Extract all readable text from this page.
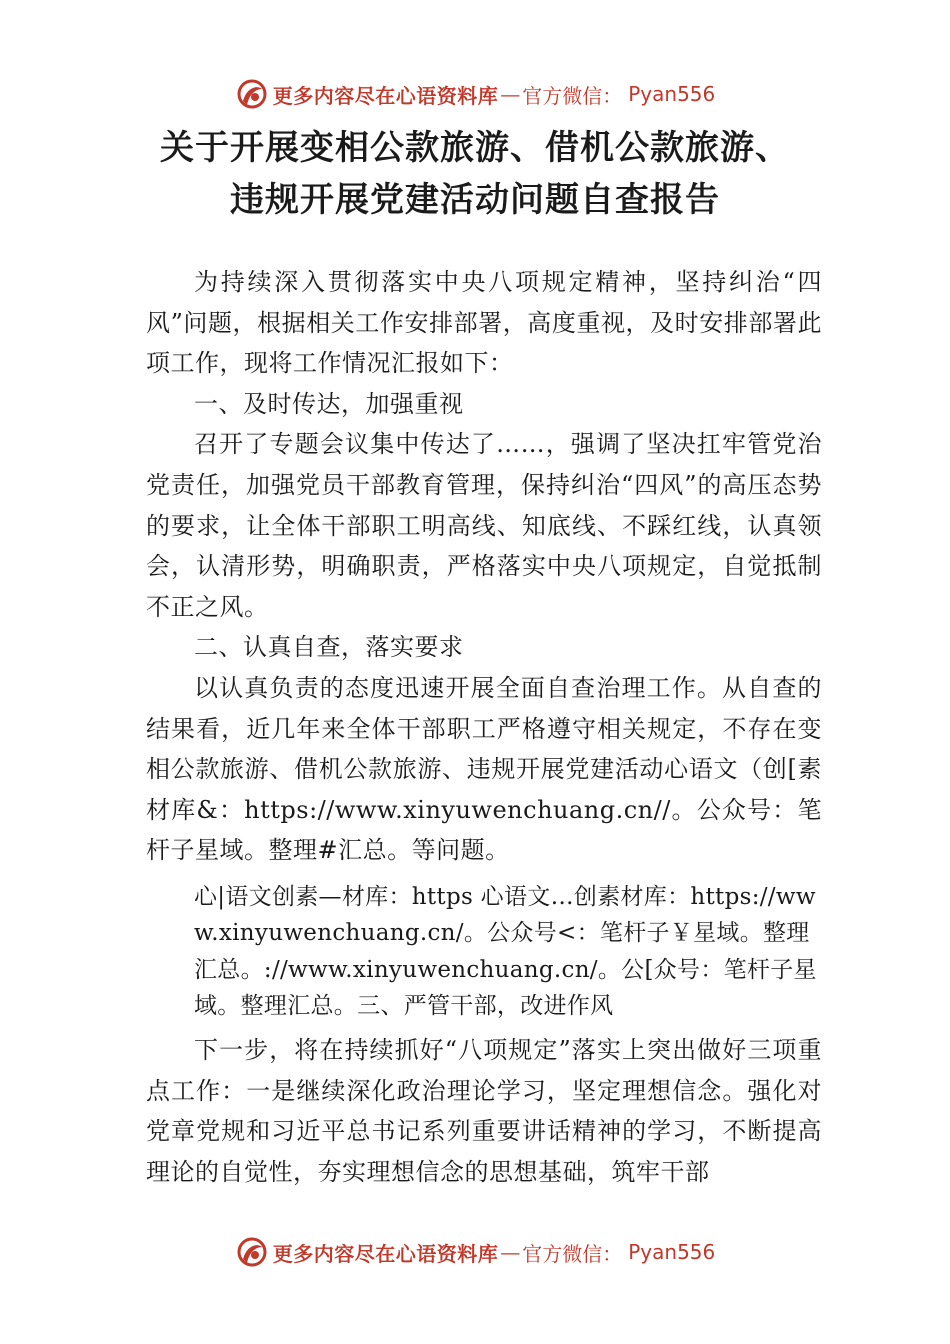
更多内容尽在心语资料库 — 官方微信： Pyan556
关于开展变相公款旅游、借机公款旅游、
违规开展党建活动问题自查报告

为持续深入贯彻落实中央八项规定精神，坚持纠治“四风”问题，根据相关工作安排部署，高度重视，及时安排部署此项工作，现将工作情况汇报如下：

一、及时传达，加强重视

召开了专题会议集中传达了……，强调了坚决扛牢管党治党责任，加强党员干部教育管理，保持纠治“四风”的高压态势的要求，让全体干部职工明高线、知底线、不踩红线，认真领会，认清形势，明确职责，严格落实中央八项规定，自觉抵制不正之风。

二、认真自查，落实要求

以认真负责的态度迅速开展全面自查治理工作。从自查的结果看，近几年来全体干部职工严格遵守相关规定，不存在变相公款旅游、借机公款旅游、违规开展党建活动心语文（创[素材库&：https://www.xinyuwenchuang.cn//。公众号：笔杆子星域。整理#汇总。等问题。

心|语文创素—材库：https 心语文…创素材库：https://www.xinyuwenchuang.cn/。公众号<：笔杆子￥星域。整理汇总。://www.xinyuwenchuang.cn/。公[众号：笔杆子星域。整理汇总。三、严管干部，改进作风

下一步，将在持续抓好“八项规定”落实上突出做好三项重点工作：一是继续深化政治理论学习，坚定理想信念。强化对党章党规和习近平总书记系列重要讲话精神的学习，不断提高理论的自觉性，夯实理想信念的思想基础，筑牢干部

更多内容尽在心语资料库 — 官方微信： Pyan556
